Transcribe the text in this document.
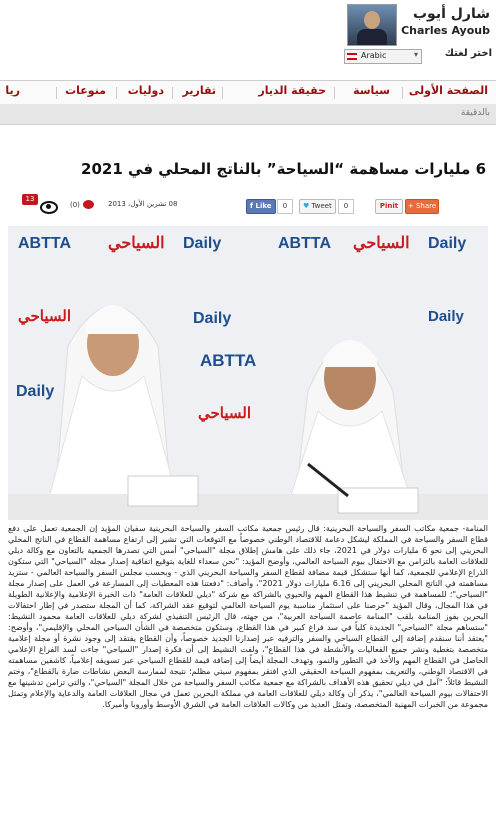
شارل أيوب
Charles Ayoub
Arabic	▾	اختر لغتك
الصفحة الأولى
سياسة
حقيقة الديار
تقارير
دوليات
منوعات
ريا
بالدقيقة
6 مليارات مساهمة “السياحة” بالناتج المحلي في 2021
13
(0)	08 تشرين الأول، 2013	f Like	0	♥ Tweet	0	Pinit	+ Share
ABTTA السياحي Daily	ABTTA السياحي Daily
السياحي	Daily	Daily
ABTTA
Daily
السياحي

المنامة- جمعية مكاتب السفر والسياحة البحرينية: قال رئيس جمعية مكاتب السفر والسياحة البحرينية سفيان المؤيد إن الجمعية تعمل على دفع قطاع السفر والسياحة في المملكة ليشكل دعامة للاقتصاد الوطني خصوصاً مع التوقعات التي تشير إلى ارتفاع مساهمة القطاع في الناتج المحلي البحريني إلى نحو 6 مليارات دولار في 2021، جاء ذلك على هامش إطلاق مجلة "السياحي" أمس التي تصدرها الجمعية بالتعاون مع وكالة ديلي للعلاقات العامة بالتزامن مع الاحتفال بيوم السياحة العالمي، وأوضح المؤيد: "نحن سعداء للغاية بتوقيع اتفاقية إصدار مجلة "السياحي" التي ستكون الذراع الإعلامي للجمعية، كما أنها ستشكل قيمة مضافة لقطاع السفر والسياحة البحريني الذي - وبحسب مجلس السفر والسياحة العالمي - ستزيد مساهمته في الناتج المحلي البحريني إلى 6.16 مليارات دولار 2021"، وأضاف: "دفعتنا هذه المعطيات إلى المسارعة في العمل على إصدار مجلة "السياحي"؛ للمساهمة في تنشيط هذا القطاع المهم والحيوي بالشراكة مع شركة "ديلي للعلاقات العامة" ذات الخبرة الإعلامية والإعلانية الطويلة في هذا المجال، وقال المؤيد "حرصنا على استثمار مناسبة يوم السياحة العالمي لتوقيع عقد الشراكة، كما أن المجلة ستصدر في إطار احتفالات البحرين بفوز المنامة بلقب "المنامة عاصمة السياحة العربية"، من جهته، قال الرئيس التنفيذي لشركة ديلي للعلاقات العامة محمود النشيط: "ستساهم مجلة "السياحي" الجديدة كلياً في سد فراغ كبير في هذا القطاع، وستكون متخصصة في الشأن السياحي المحلي والإقليمي"، وأوضح: "يعتقد أننا سنقدم إضافة إلى القطاع السياحي والسفر والترفيه عبر إصدارنا الجديد خصوصاً، وأن القطاع يفتقد إلى وجود نشرة أو مجلة إعلامية متخصصة بتغطية ونشر جميع الفعاليات والأنشطة في هذا القطاع"، ولفت النشيط إلى أن فكرة إصدار "السياحي" جاءت لسد الفراغ الإعلامي الحاصل في القطاع المهم والأخذ في التطور والنمو، وتهدف المجلة أيضاً إلى إضافة قيمة للقطاع السياحي عبر تسويقه إعلامياً، كاشفين مساهمته في الاقتصاد الوطني، والتعريف بمفهوم السياحة الحقيقي الذي افتقر بمفهوم سيتي مظلم؛ نتيجة لممارسة البعض نشاطات ضارة بالقطاع"، وختم النشيط قائلاً: "آمل في ديلي تحقيق هذه الأهداف بالشراكة مع جمعية مكاتب السفر والسياحة من خلال المجلة "السياحي"، والتي تزامن تدشينها مع الاحتفالات بيوم السياحة العالمي"، يذكر أن وكالة ديلي للعلاقات العامة في مملكة البحرين تعمل في مجال العلاقات العامة والدعاية والإعلام وتمثل مجموعة من الخبرات المهنية المتخصصة، وتمثل العديد من وكالات العلاقات العامة في الشرق الأوسط وأوروبا وأميركا.
